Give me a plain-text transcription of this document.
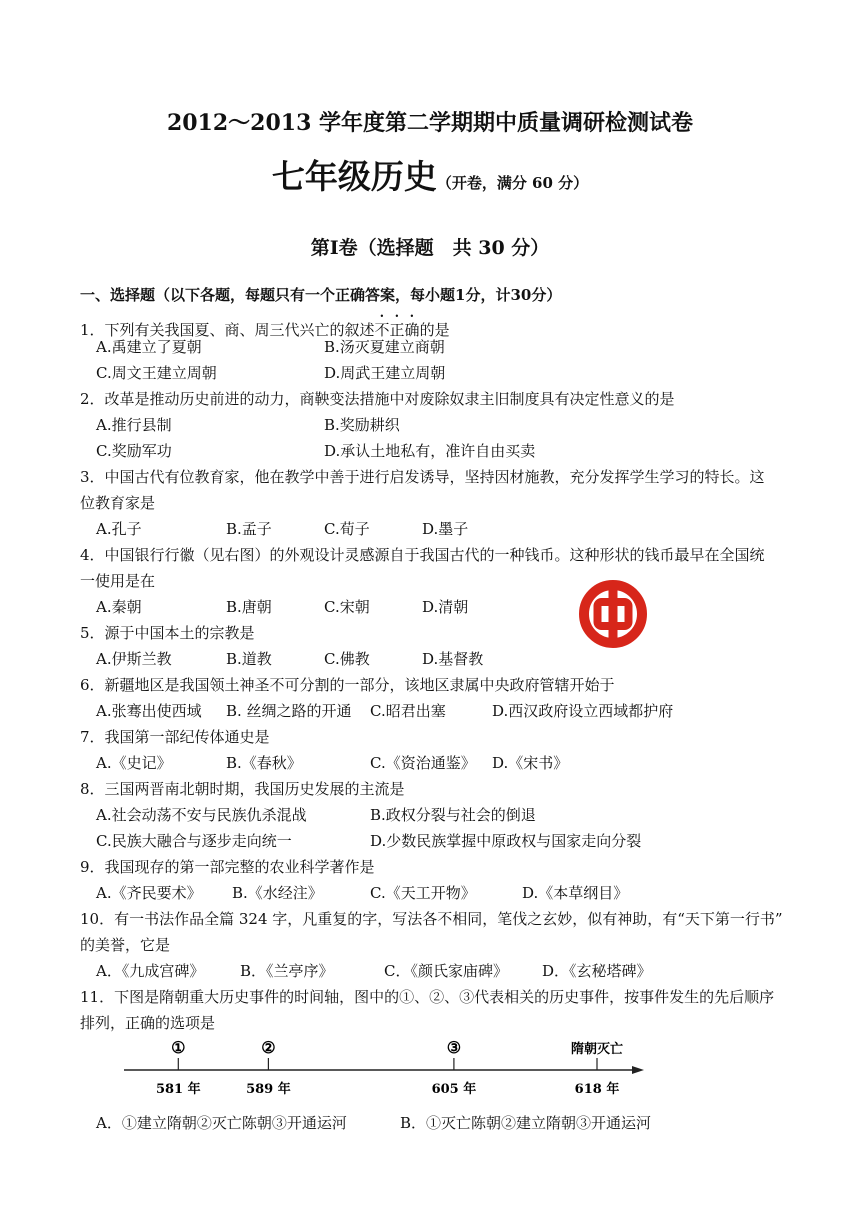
2012～2013 学年度第二学期期中质量调研检测试卷
七年级历史（开卷，满分 60 分）
第Ⅰ卷（选择题　共 30 分）
一、选择题（以下各题，每题只有一个正确答案，每小题1分，计30分）
1．下列有关我国夏、商、周三代兴亡的叙述不正确的是
A.禹建立了夏朝	B.汤灭夏建立商朝
C.周文王建立周朝	D.周武王建立周朝
2．改革是推动历史前进的动力，商鞅变法措施中对废除奴隶主旧制度具有决定性意义的是
A.推行县制	B.奖励耕织
C.奖励军功	D.承认土地私有，准许自由买卖
3．中国古代有位教育家，他在教学中善于进行启发诱导，坚持因材施教，充分发挥学生学习的特长。这
位教育家是
A.孔子	B.孟子	C.荀子	D.墨子
4．中国银行行徽（见右图）的外观设计灵感源自于我国古代的一种钱币。这种形状的钱币最早在全国统
一使用是在
A.秦朝	B.唐朝	C.宋朝	D.清朝
5．源于中国本土的宗教是
A.伊斯兰教	B.道教	C.佛教	D.基督教
6．新疆地区是我国领土神圣不可分割的一部分，该地区隶属中央政府管辖开始于
A.张骞出使西域 B. 丝绸之路的开通 C.昭君出塞	D.西汉政府设立西域都护府
7．我国第一部纪传体通史是
A.《史记》	B.《春秋》	C.《资治通鉴》 D.《宋书》
8．三国两晋南北朝时期，我国历史发展的主流是
A.社会动荡不安与民族仇杀混战	B.政权分裂与社会的倒退
C.民族大融合与逐步走向统一	D.少数民族掌握中原政权与国家走向分裂
9．我国现存的第一部完整的农业科学著作是
A.《齐民要术》 B.《水经注》	C.《天工开物》	D.《本草纲目》
10．有一书法作品全篇 324 字，凡重复的字，写法各不相同，笔伐之玄妙，似有神助，有“天下第一行书”
的美誉，它是
A．《九成宫碑》 B．《兰亭序》	C．《颜氏家庙碑》 D．《玄秘塔碑》
11．下图是隋朝重大历史事件的时间轴，图中的①、②、③代表相关的历史事件，按事件发生的先后顺序
排列，正确的选项是
①
581 年
②
589 年
③
605 年
隋朝灭亡
618 年
A．①建立隋朝②灭亡陈朝③开通运河	B．①灭亡陈朝②建立隋朝③开通运河
